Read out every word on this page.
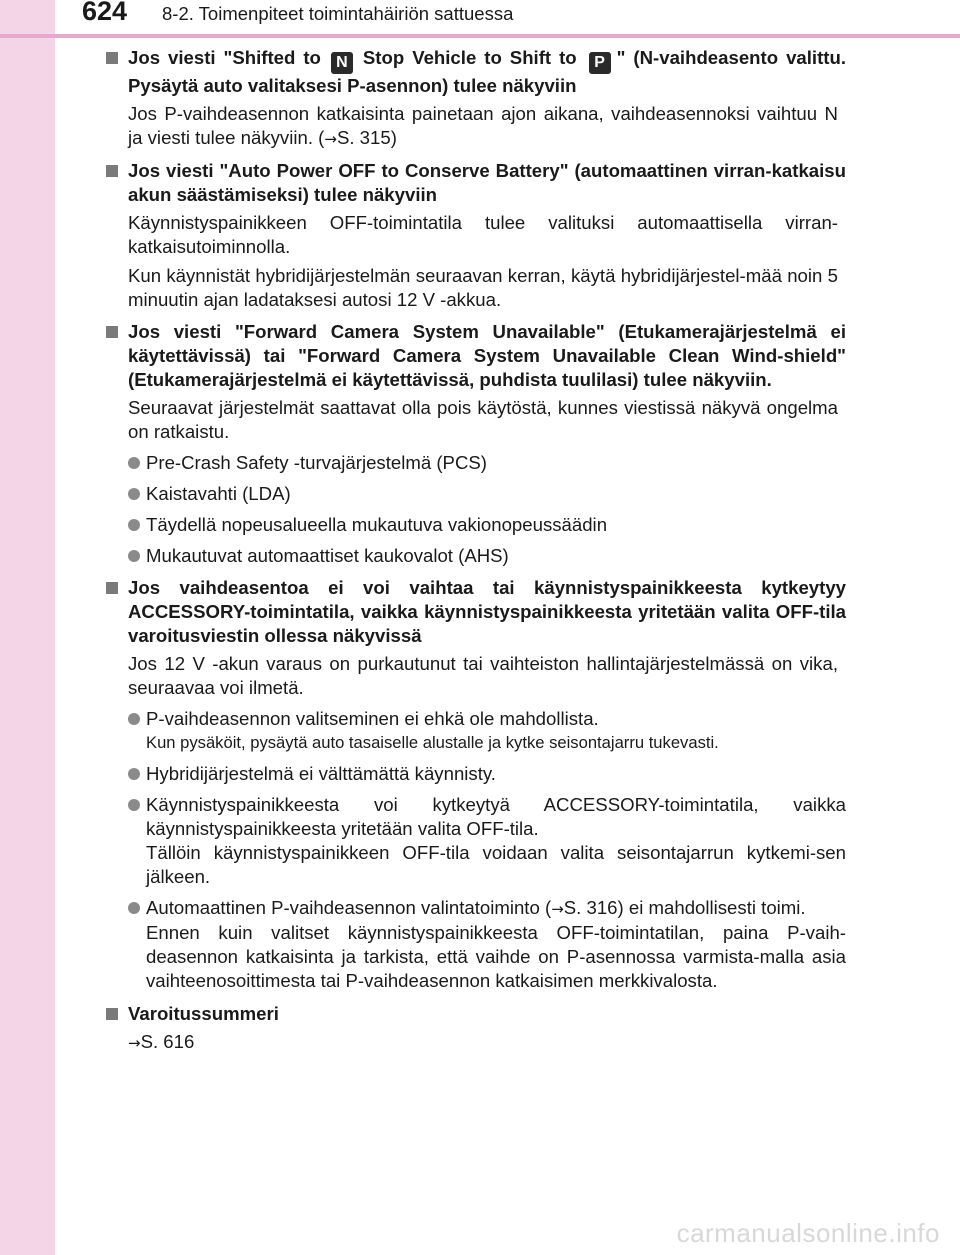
624	8-2. Toimenpiteet toimintahäiriön sattuessa
Jos viesti "Shifted to N Stop Vehicle to Shift to P " (N-vaihdeasento valittu. Pysäytä auto valitaksesi P-asennon) tulee näkyviin
Jos P-vaihdeasennon katkaisinta painetaan ajon aikana, vaihdeasennoksi vaihtuu N ja viesti tulee näkyviin. (→S. 315)
Jos viesti "Auto Power OFF to Conserve Battery" (automaattinen virran-katkaisu akun säästämiseksi) tulee näkyviin
Käynnistyspainikkeen OFF-toimintatila tulee valituksi automaattisella virran-katkaisutoiminnolla.
Kun käynnistät hybridijärjestelmän seuraavan kerran, käytä hybridijärjestel-mää noin 5 minuutin ajan ladataksesi autosi 12 V -akkua.
Jos viesti "Forward Camera System Unavailable" (Etukamerajärjestelmä ei käytettävissä) tai "Forward Camera System Unavailable Clean Wind-shield" (Etukamerajärjestelmä ei käytettävissä, puhdista tuulilasi) tulee näkyviin.
Seuraavat järjestelmät saattavat olla pois käytöstä, kunnes viestissä näkyvä ongelma on ratkaistu.
Pre-Crash Safety -turvajärjestelmä (PCS)
Kaistavahti (LDA)
Täydellä nopeusalueella mukautuva vakionopeussäädin
Mukautuvat automaattiset kaukovalot (AHS)
Jos vaihdeasentoa ei voi vaihtaa tai käynnistyspainikkeesta kytkeytyy ACCESSORY-toimintatila, vaikka käynnistyspainikkeesta yritetään valita OFF-tila varoitusviestin ollessa näkyvissä
Jos 12 V -akun varaus on purkautunut tai vaihteiston hallintajärjestelmässä on vika, seuraavaa voi ilmetä.
P-vaihdeasennon valitseminen ei ehkä ole mahdollista.
Kun pysäköit, pysäytä auto tasaiselle alustalle ja kytke seisontajarru tukevasti.
Hybridijärjestelmä ei välttämättä käynnisty.
Käynnistyspainikkeesta voi kytkeytyä ACCESSORY-toimintatila, vaikka käynnistyspainikkeesta yritetään valita OFF-tila.
Tällöin käynnistyspainikkeen OFF-tila voidaan valita seisontajarrun kytkemi-sen jälkeen.
Automaattinen P-vaihdeasennon valintatoiminto (→S. 316) ei mahdollisesti toimi.
Ennen kuin valitset käynnistyspainikkeesta OFF-toimintatilan, paina P-vaih-deasennon katkaisinta ja tarkista, että vaihde on P-asennossa varmista-malla asia vaihteenosoittimesta tai P-vaihdeasennon katkaisimen merkkivalosta.
Varoitussummeri
→S. 616
carmanualsonline.info
